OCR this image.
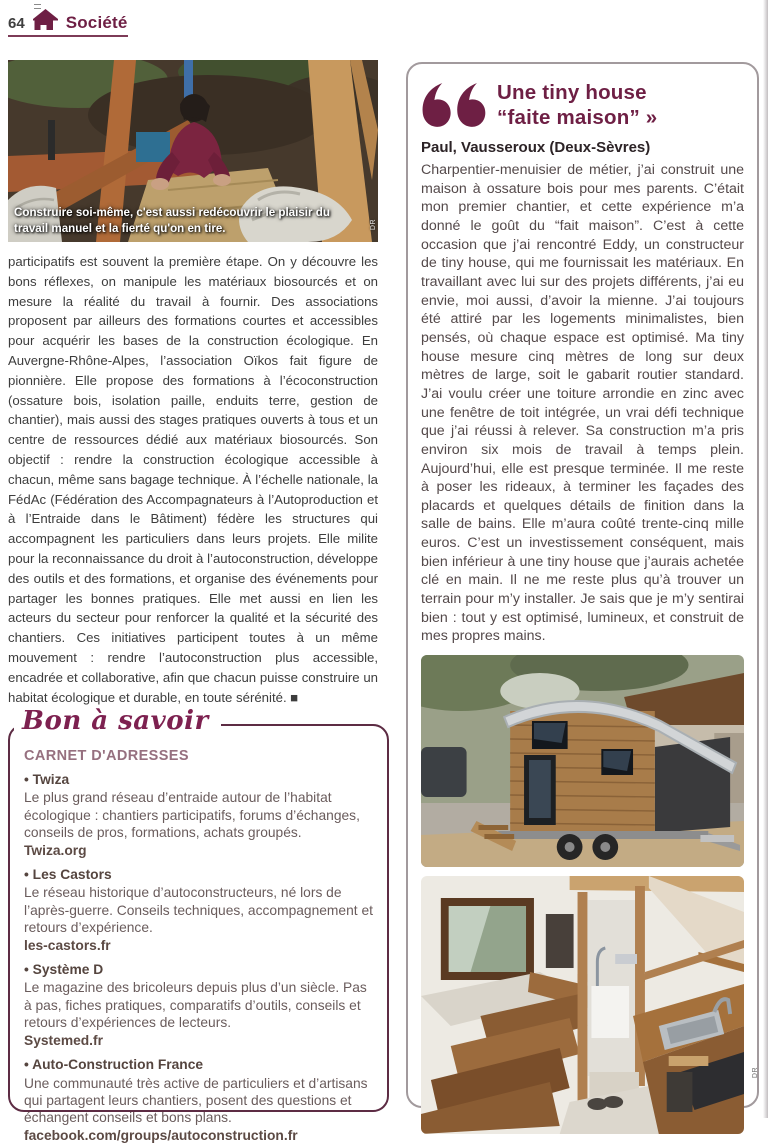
64 Société
Construire soi-même, c'est aussi redécouvrir le plaisir du travail manuel et la fierté qu'on en tire.	DR

participatifs est souvent la première étape. On y découvre les bons réflexes, on manipule les matériaux biosourcés et on mesure la réalité du travail à fournir. Des associations proposent par ailleurs des formations courtes et accessibles pour acquérir les bases de la construction écologique. En Auvergne-Rhône-Alpes, l’association Oïkos fait figure de pionnière. Elle propose des formations à l’écoconstruction (ossature bois, isolation paille, enduits terre, gestion de chantier), mais aussi des stages pratiques ouverts à tous et un centre de ressources dédié aux matériaux biosourcés. Son objectif : rendre la construction écologique accessible à chacun, même sans bagage technique. À l’échelle nationale, la FédAc (Fédération des Accompagnateurs à l’Autoproduction et à l’Entraide dans le Bâtiment) fédère les structures qui accompagnent les particuliers dans leurs projets. Elle milite pour la reconnaissance du droit à l’autoconstruction, développe des outils et des formations, et organise des événements pour partager les bonnes pratiques. Elle met aussi en lien les acteurs du secteur pour renforcer la qualité et la sécurité des chantiers. Ces initiatives participent toutes à un même mouvement : rendre l’autoconstruction plus accessible, encadrée et collaborative, afin que chacun puisse construire un habitat écologique et durable, en toute sérénité. ■

Bon à savoir
CARNET D'ADRESSES
• Twiza
Le plus grand réseau d’entraide autour de l’habitat écologique : chantiers participatifs, forums d’échanges, conseils de pros, formations, achats groupés.
Twiza.org
• Les Castors
Le réseau historique d’autoconstructeurs, né lors de l’après-guerre. Conseils techniques, accompagnement et retours d’expérience.
les-castors.fr
• Système D
Le magazine des bricoleurs depuis plus d’un siècle. Pas à pas, fiches pratiques, comparatifs d’outils, conseils et retours d’expériences de lecteurs.
Systemed.fr
• Auto-Construction France
Une communauté très active de particuliers et d’artisans qui partagent leurs chantiers, posent des questions et échangent conseils et bons plans.
facebook.com/groups/autoconstruction.fr
Une tiny house
“faite maison” »
Paul, Vausseroux (Deux-Sèvres)

Charpentier-menuisier de métier, j’ai construit une maison à ossature bois pour mes parents. C’était mon premier chantier, et cette expérience m’a donné le goût du “fait maison”. C’est à cette occasion que j’ai rencontré Eddy, un constructeur de tiny house, qui me fournissait les matériaux. En travaillant avec lui sur des projets différents, j’ai eu envie, moi aussi, d’avoir la mienne. J’ai toujours été attiré par les logements minimalistes, bien pensés, où chaque espace est optimisé. Ma tiny house mesure cinq mètres de long sur deux mètres de large, soit le gabarit routier standard. J’ai voulu créer une toiture arrondie en zinc avec une fenêtre de toit intégrée, un vrai défi technique que j’ai réussi à relever. Sa construction m’a pris environ six mois de travail à temps plein. Aujourd’hui, elle est presque terminée. Il me reste à poser les rideaux, à terminer les façades des placards et quelques détails de finition dans la salle de bains. Elle m’aura coûté trente-cinq mille euros. C’est un investissement conséquent, mais bien inférieur à une tiny house que j’aurais achetée clé en main. Il ne me reste plus qu’à trouver un terrain pour m’y installer. Je sais que je m’y sentirai bien : tout y est optimisé, lumineux, et construit de mes propres mains.

DR
